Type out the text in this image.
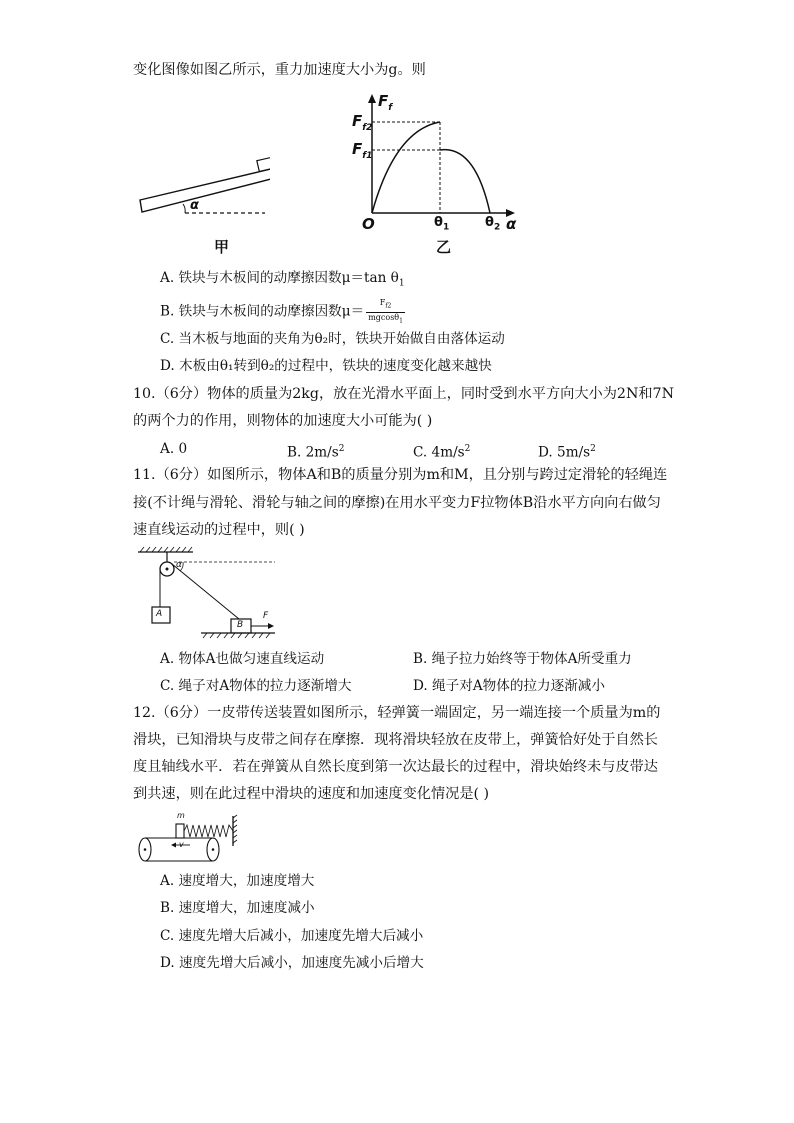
变化图像如图乙所示，重力加速度大小为g。则
α
甲
$F_f$
$F_{f2}$
$F_{f1}$
O	$\theta_1$	$\theta_2$ α
乙
A. 铁块与木板间的动摩擦因数μ＝tan $\theta_1$
B. 铁块与木板间的动摩擦因数$\mu= \frac{F_{f2}}{mgcos\theta_1}$
C. 当木板与地面的夹角为θ₂时，铁块开始做自由落体运动
D. 木板由θ₁转到θ₂的过程中，铁块的速度变化越来越快
10.（6分）物体的质量为2kg，放在光滑水平面上，同时受到水平方向大小为2N和7N
的两个力的作用，则物体的加速度大小可能为( )
A. 0	B. $2m/s^2$	C. $4m/s^2$	D. $5m/s^2$
11.（6分）如图所示，物体A和B的质量分别为m和M，且分别与跨过定滑轮的轻绳连
接(不计绳与滑轮、滑轮与轴之间的摩擦)在用水平变力F拉物体B沿水平方向向右做匀
速直线运动的过程中，则( )
A
B
F
α
A. 物体A也做匀速直线运动	B. 绳子拉力始终等于物体A所受重力
C. 绳子对A物体的拉力逐渐增大	D. 绳子对A物体的拉力逐渐减小
12.（6分）一皮带传送装置如图所示，轻弹簧一端固定，另一端连接一个质量为m的
滑块，已知滑块与皮带之间存在摩擦．现将滑块轻放在皮带上，弹簧恰好处于自然长
度且轴线水平．若在弹簧从自然长度到第一次达最长的过程中，滑块始终未与皮带达
到共速，则在此过程中滑块的速度和加速度变化情况是( )
m
v
A. 速度增大，加速度增大
B. 速度增大，加速度减小
C. 速度先增大后减小，加速度先增大后减小
D. 速度先增大后减小，加速度先减小后增大
